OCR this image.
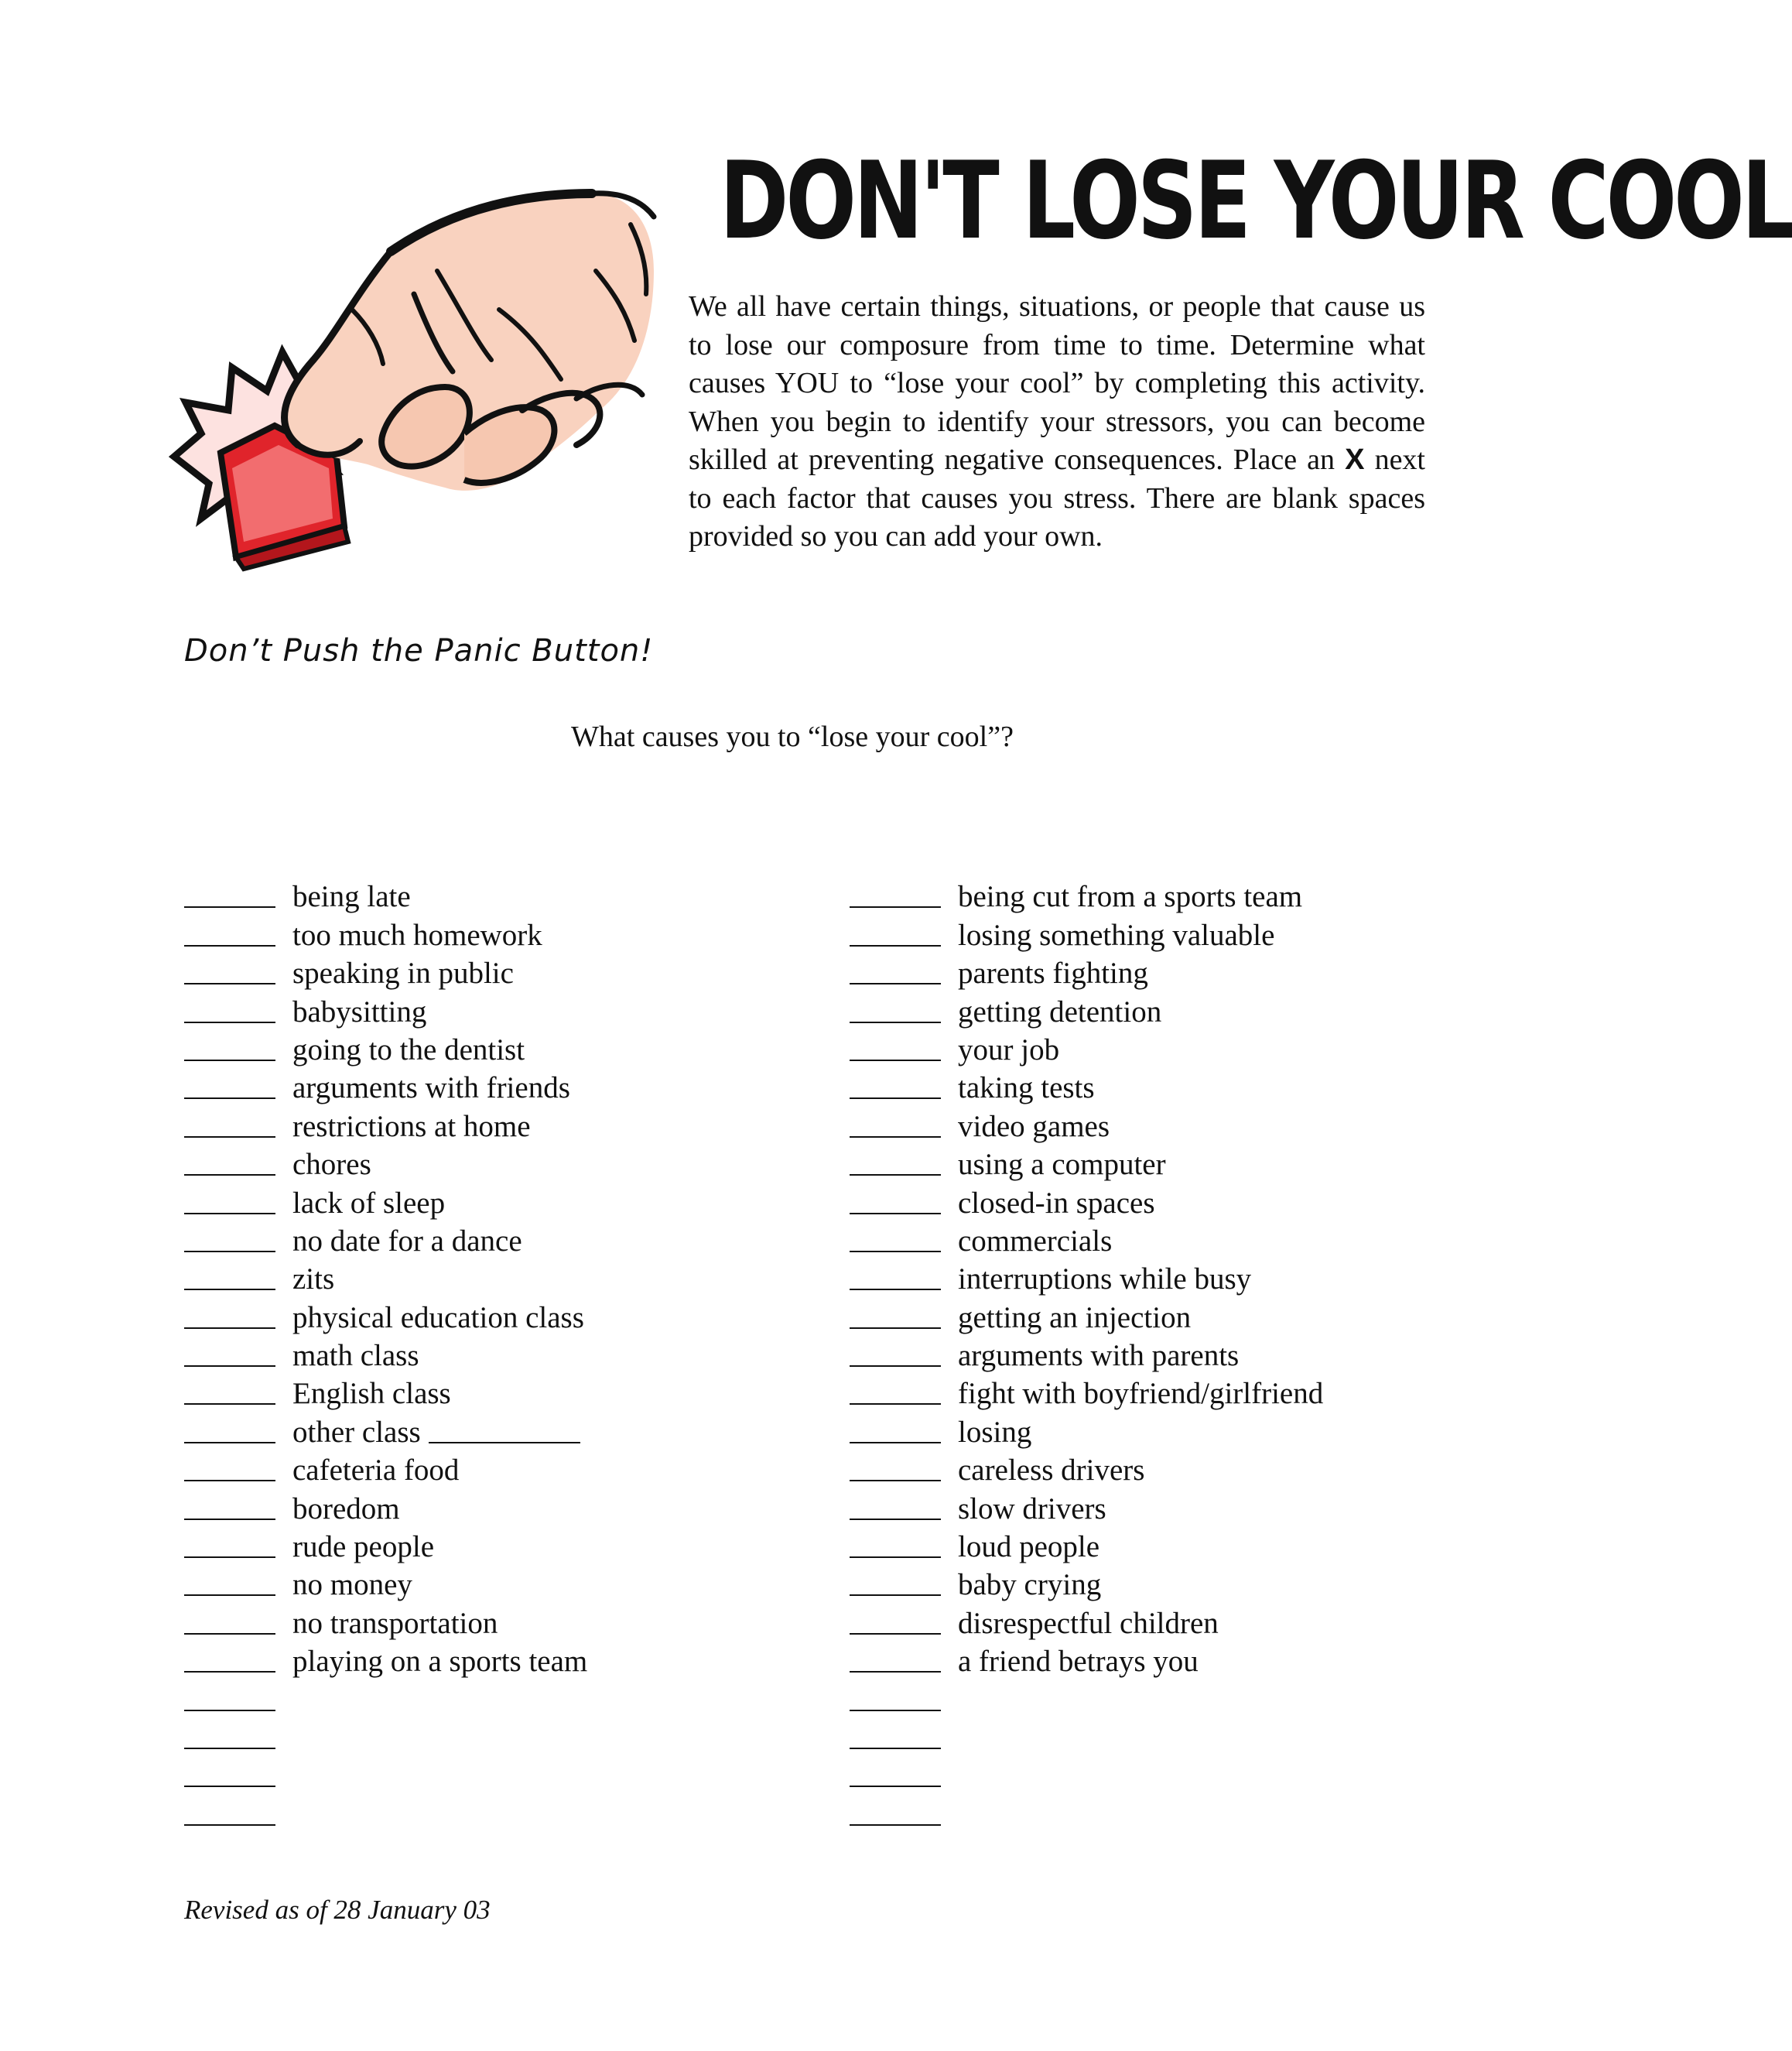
DON'T LOSE YOUR COOL

We all have certain things, situations, or people that cause us to lose our composure from time to time. Determine what causes YOU to “lose your cool” by completing this activity. When you begin to identify your stressors, you can become skilled at preventing negative consequences. Place an X next to each factor that causes you stress. There are blank spaces provided so you can add your own.

Don’t Push the Panic Button!
What causes you to “lose your cool”?
being late
too much homework
speaking in public
babysitting
going to the dentist
arguments with friends
restrictions at home
chores
lack of sleep
no date for a dance
zits
physical education class
math class
English class
other class
cafeteria food
boredom
rude people
no money
no transportation
playing on a sports team
being cut from a sports team
losing something valuable
parents fighting
getting detention
your job
taking tests
video games
using a computer
closed-in spaces
commercials
interruptions while busy
getting an injection
arguments with parents
fight with boyfriend/girlfriend
losing
careless drivers
slow drivers
loud people
baby crying
disrespectful children
a friend betrays you
Revised as of 28 January 03
